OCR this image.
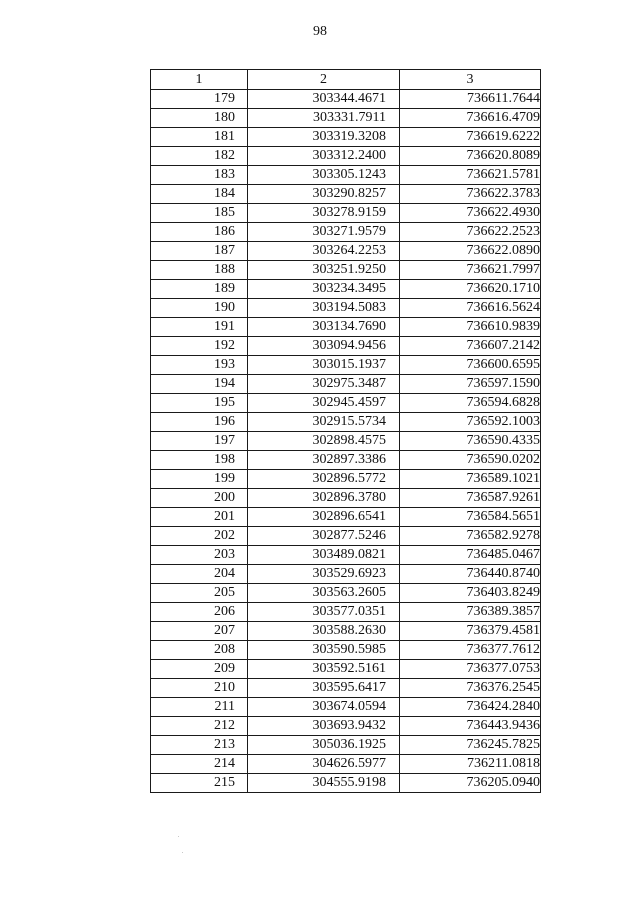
98
1	2	3
179	303344.4671	736611.7644
180	303331.7911	736616.4709
181	303319.3208	736619.6222
182	303312.2400	736620.8089
183	303305.1243	736621.5781
184	303290.8257	736622.3783
185	303278.9159	736622.4930
186	303271.9579	736622.2523
187	303264.2253	736622.0890
188	303251.9250	736621.7997
189	303234.3495	736620.1710
190	303194.5083	736616.5624
191	303134.7690	736610.9839
192	303094.9456	736607.2142
193	303015.1937	736600.6595
194	302975.3487	736597.1590
195	302945.4597	736594.6828
196	302915.5734	736592.1003
197	302898.4575	736590.4335
198	302897.3386	736590.0202
199	302896.5772	736589.1021
200	302896.3780	736587.9261
201	302896.6541	736584.5651
202	302877.5246	736582.9278
203	303489.0821	736485.0467
204	303529.6923	736440.8740
205	303563.2605	736403.8249
206	303577.0351	736389.3857
207	303588.2630	736379.4581
208	303590.5985	736377.7612
209	303592.5161	736377.0753
210	303595.6417	736376.2545
211	303674.0594	736424.2840
212	303693.9432	736443.9436
213	305036.1925	736245.7825
214	304626.5977	736211.0818
215	304555.9198	736205.0940
